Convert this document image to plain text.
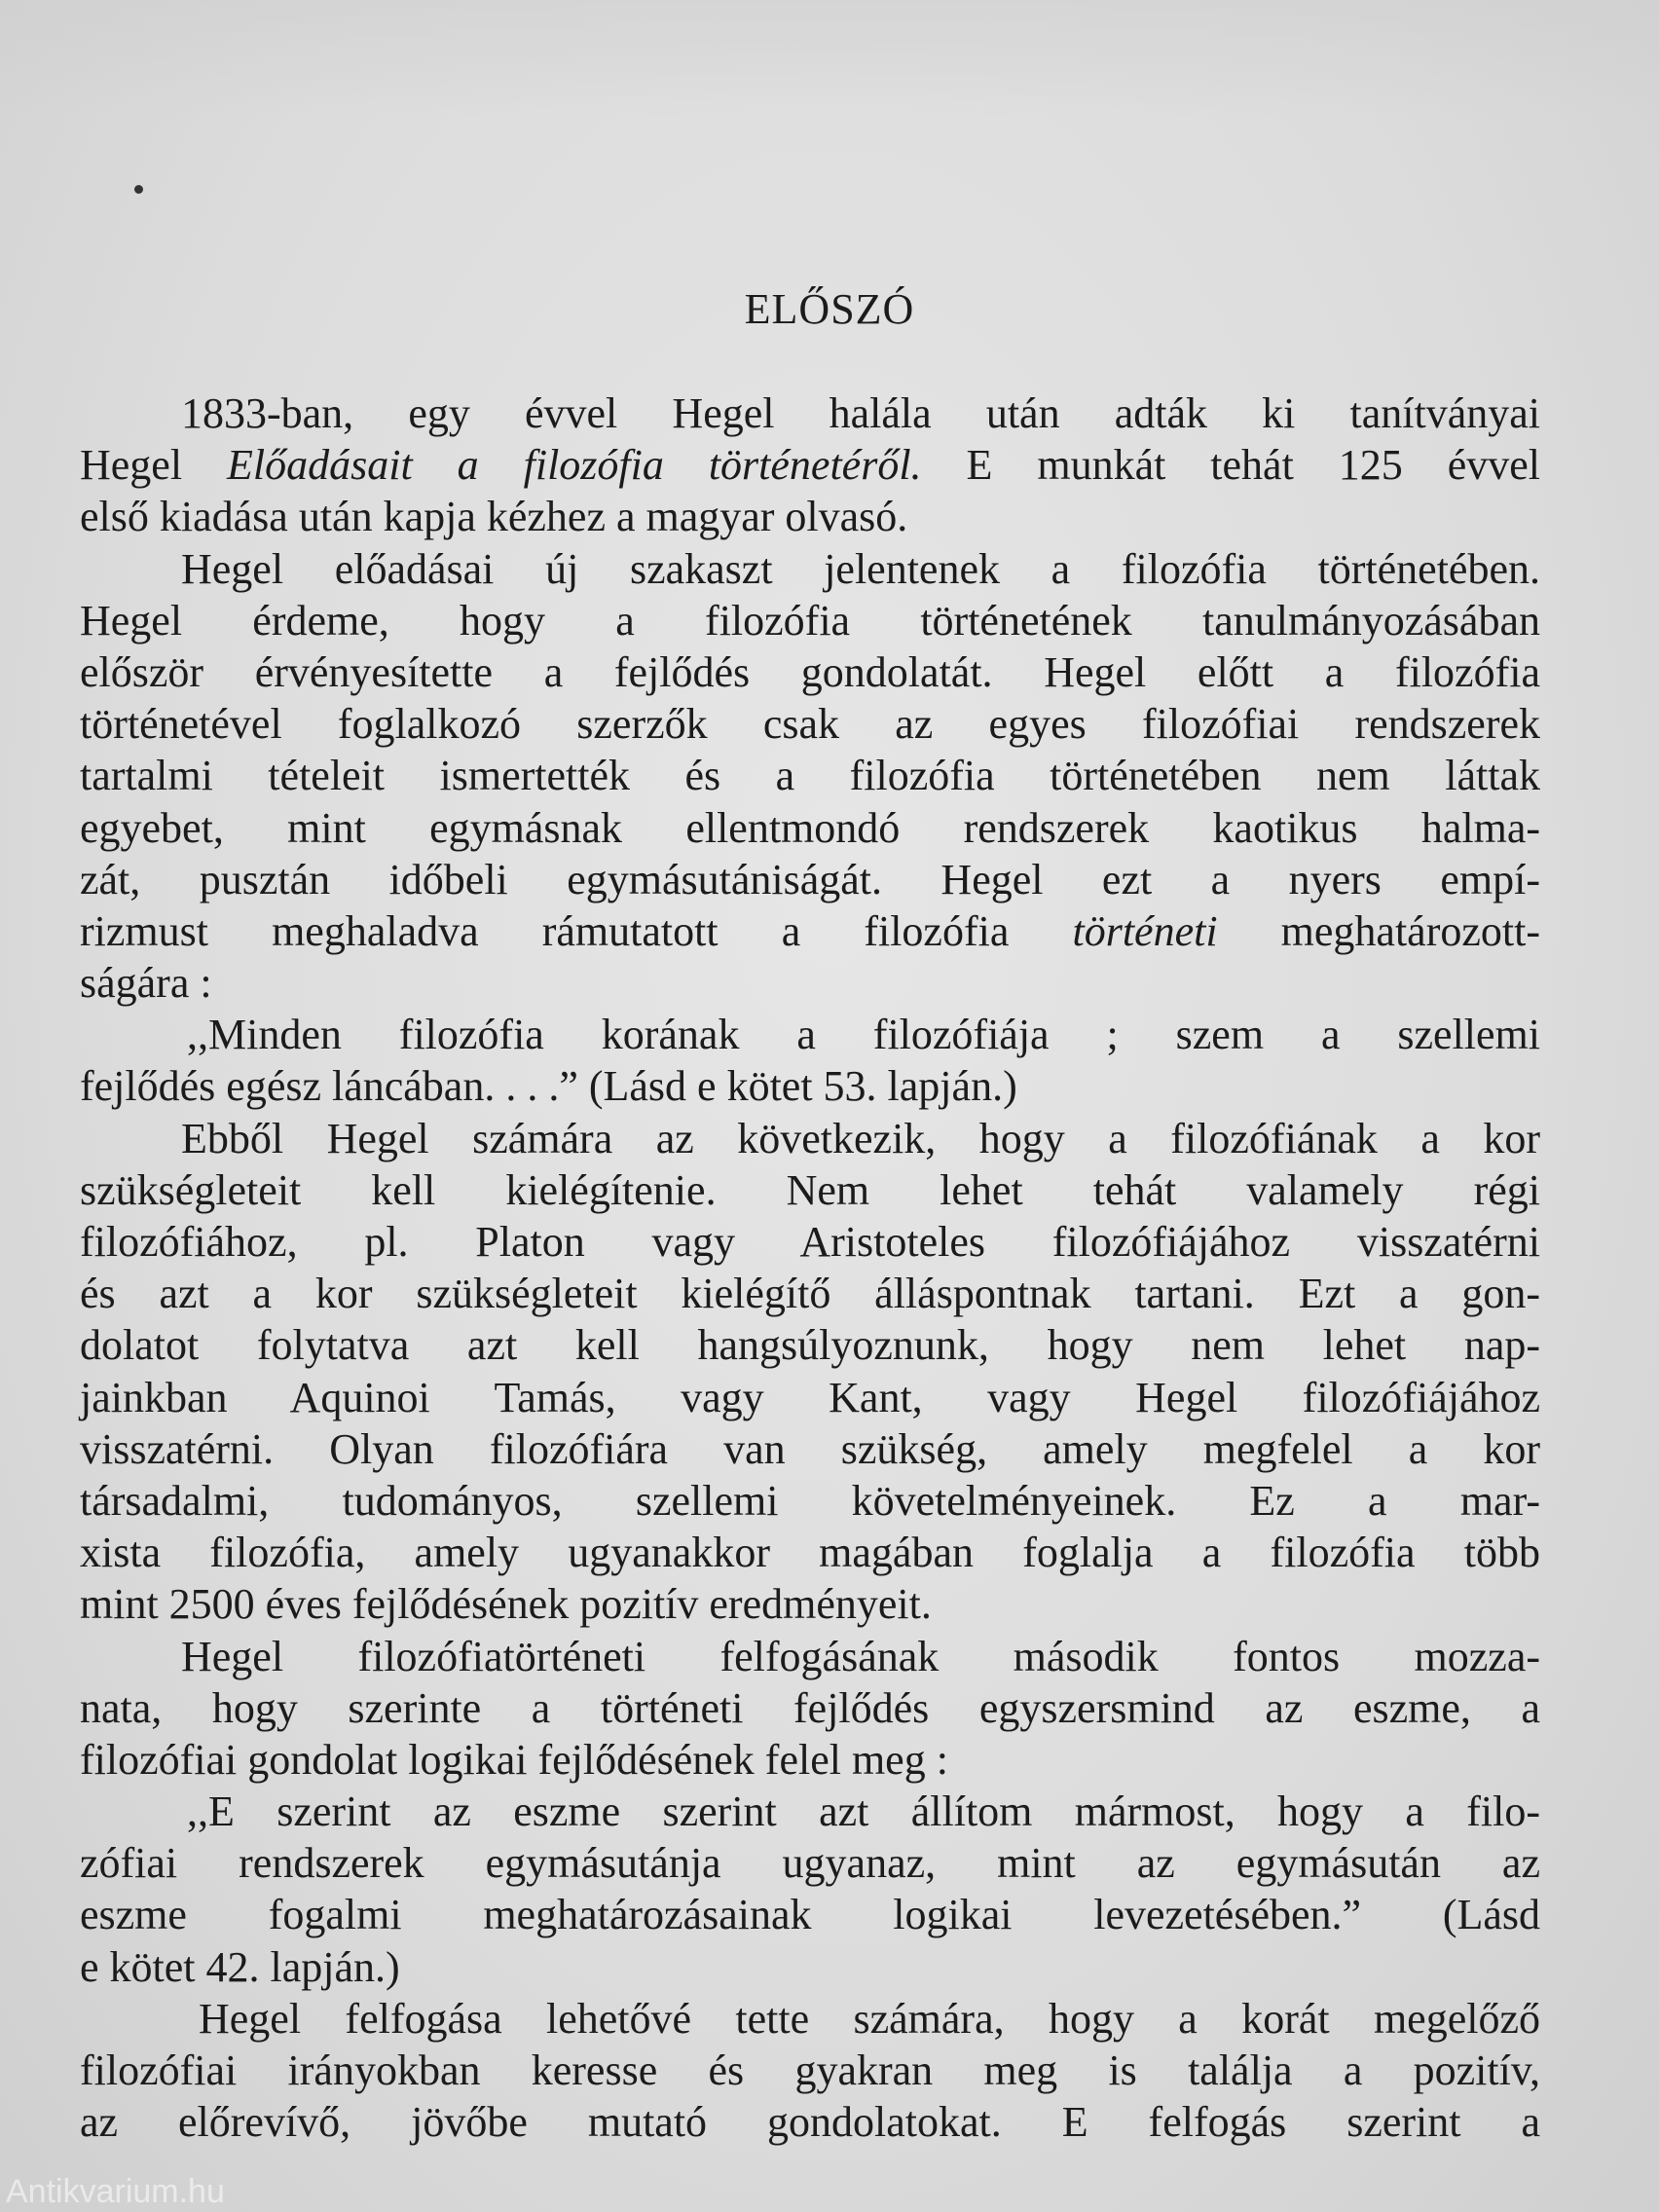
ELŐSZÓ
1833-ban, egy évvel Hegel halála után adták ki tanítványai
Hegel Előadásait a filozófia történetéről. E munkát tehát 125 évvel
első kiadása után kapja kézhez a magyar olvasó.
Hegel előadásai új szakaszt jelentenek a filozófia történetében.
Hegel érdeme, hogy a filozófia történetének tanulmányozásában
először érvényesítette a fejlődés gondolatát. Hegel előtt a filozófia
történetével foglalkozó szerzők csak az egyes filozófiai rendszerek
tartalmi tételeit ismertették és a filozófia történetében nem láttak
egyebet, mint egymásnak ellentmondó rendszerek kaotikus halma-
zát, pusztán időbeli egymásutániságát. Hegel ezt a nyers empí-
rizmust meghaladva rámutatott a filozófia történeti meghatározott-
ságára :
,,Minden filozófia korának a filozófiája ; szem a szellemi
fejlődés egész láncában. . . .” (Lásd e kötet 53. lapján.)
Ebből Hegel számára az következik, hogy a filozófiának a kor
szükségleteit kell kielégítenie. Nem lehet tehát valamely régi
filozófiához, pl. Platon vagy Aristoteles filozófiájához visszatérni
és azt a kor szükségleteit kielégítő álláspontnak tartani. Ezt a gon-
dolatot folytatva azt kell hangsúlyoznunk, hogy nem lehet nap-
jainkban Aquinoi Tamás, vagy Kant, vagy Hegel filozófiájához
visszatérni. Olyan filozófiára van szükség, amely megfelel a kor
társadalmi, tudományos, szellemi követelményeinek. Ez a mar-
xista filozófia, amely ugyanakkor magában foglalja a filozófia több
mint 2500 éves fejlődésének pozitív eredményeit.
Hegel filozófiatörténeti felfogásának második fontos mozza-
nata, hogy szerinte a történeti fejlődés egyszersmind az eszme, a
filozófiai gondolat logikai fejlődésének felel meg :
,,E szerint az eszme szerint azt állítom mármost, hogy a filo-
zófiai rendszerek egymásutánja ugyanaz, mint az egymásután az
eszme fogalmi meghatározásainak logikai levezetésében.” (Lásd
e kötet 42. lapján.)
Hegel felfogása lehetővé tette számára, hogy a korát megelőző
filozófiai irányokban keresse és gyakran meg is találja a pozitív,
az előrevívő, jövőbe mutató gondolatokat. E felfogás szerint a
Antikvarium.hu
